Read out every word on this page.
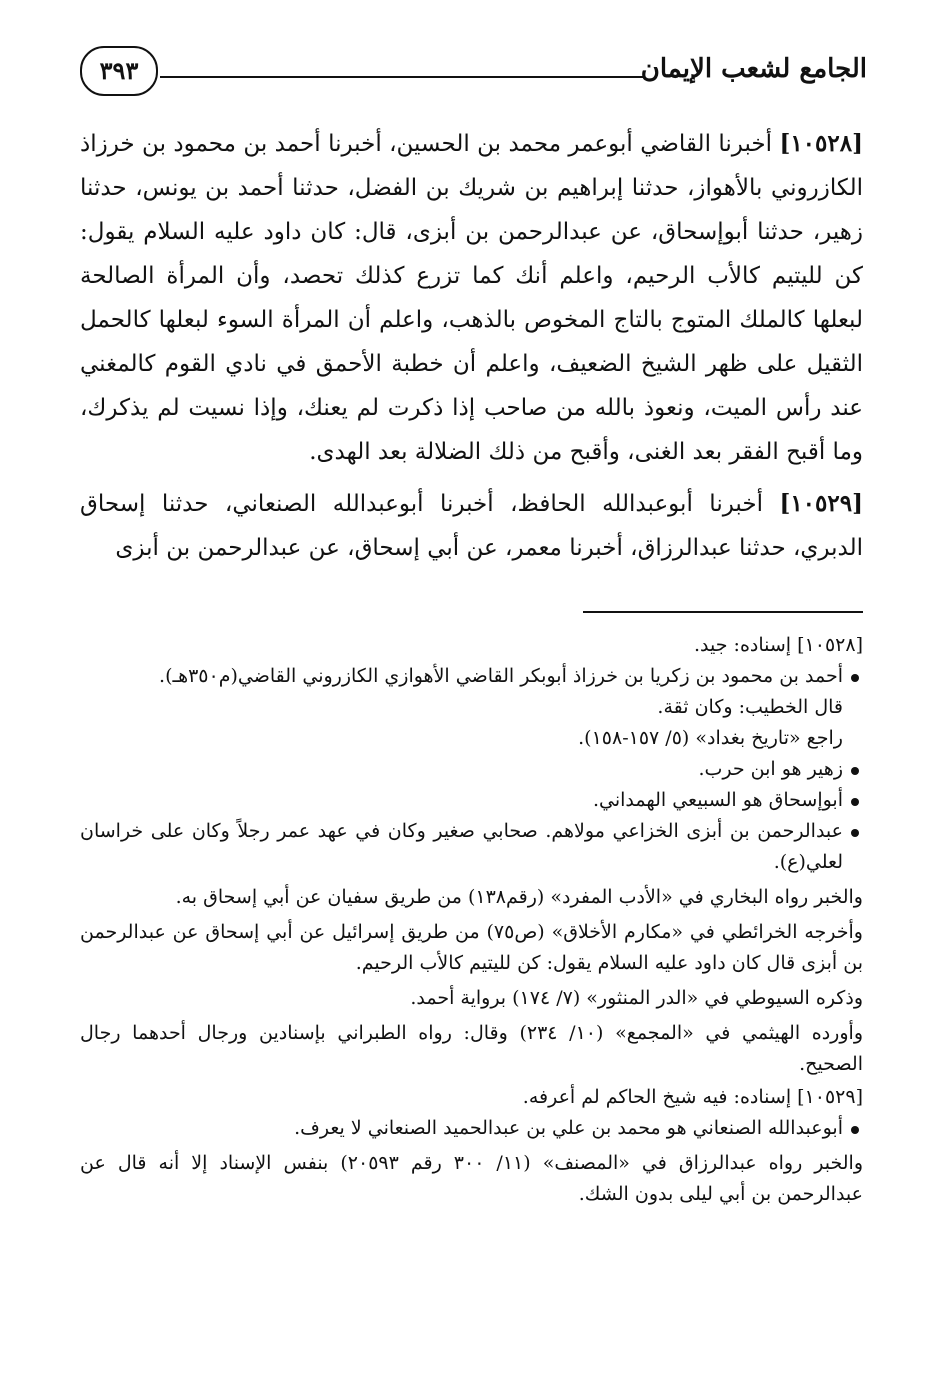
الجامع لشعب الإيمان
٣٩٣

[١٠٥٢٨] أخبرنا القاضي أبوعمر محمد بن الحسين، أخبرنا أحمد بن محمود بن خرزاذ الكازروني بالأهواز، حدثنا إبراهيم بن شريك بن الفضل، حدثنا أحمد بن يونس، حدثنا زهير، حدثنا أبوإسحاق، عن عبدالرحمن بن أبزى، قال: كان داود عليه السلام يقول: كن لليتيم كالأب الرحيم، واعلم أنك كما تزرع كذلك تحصد، وأن المرأة الصالحة لبعلها كالملك المتوج بالتاج المخوص بالذهب، واعلم أن المرأة السوء لبعلها كالحمل الثقيل على ظهر الشيخ الضعيف، واعلم أن خطبة الأحمق في نادي القوم كالمغني عند رأس الميت، ونعوذ بالله من صاحب إذا ذكرت لم يعنك، وإذا نسيت لم يذكرك، وما أقبح الفقر بعد الغنى، وأقبح من ذلك الضلالة بعد الهدى.

[١٠٥٢٩] أخبرنا أبوعبدالله الحافظ، أخبرنا أبوعبدالله الصنعاني، حدثنا إسحاق الدبري، حدثنا عبدالرزاق، أخبرنا معمر، عن أبي إسحاق، عن عبدالرحمن بن أبزى

[١٠٥٢٨] إسناده: جيد.

أحمد بن محمود بن زكريا بن خرزاذ أبوبكر القاضي الأهوازي الكازروني القاضي(م٣٥٠هـ).

قال الخطيب: وكان ثقة.

راجع «تاريخ بغداد» (٥/ ١٥٧-١٥٨).

زهير هو ابن حرب.

أبوإسحاق هو السبيعي الهمداني.

عبدالرحمن بن أبزى الخزاعي مولاهم. صحابي صغير وكان في عهد عمر رجلاً وكان على خراسان لعلي(ع).

والخبر رواه البخاري في «الأدب المفرد» (رقم١٣٨) من طريق سفيان عن أبي إسحاق به.

وأخرجه الخرائطي في «مكارم الأخلاق» (ص٧٥) من طريق إسرائيل عن أبي إسحاق عن عبدالرحمن بن أبزى قال كان داود عليه السلام يقول: كن لليتيم كالأب الرحيم.

وذكره السيوطي في «الدر المنثور» (٧/ ١٧٤) برواية أحمد.

وأورده الهيثمي في «المجمع» (١٠/ ٢٣٤) وقال: رواه الطبراني بإسنادين ورجال أحدهما رجال الصحيح.

[١٠٥٢٩] إسناده: فيه شيخ الحاكم لم أعرفه.

أبوعبدالله الصنعاني هو محمد بن علي بن عبدالحميد الصنعاني لا يعرف.

والخبر رواه عبدالرزاق في «المصنف» (١١/ ٣٠٠ رقم ٢٠٥٩٣) بنفس الإسناد إلا أنه قال عن عبدالرحمن بن أبي ليلى بدون الشك.
